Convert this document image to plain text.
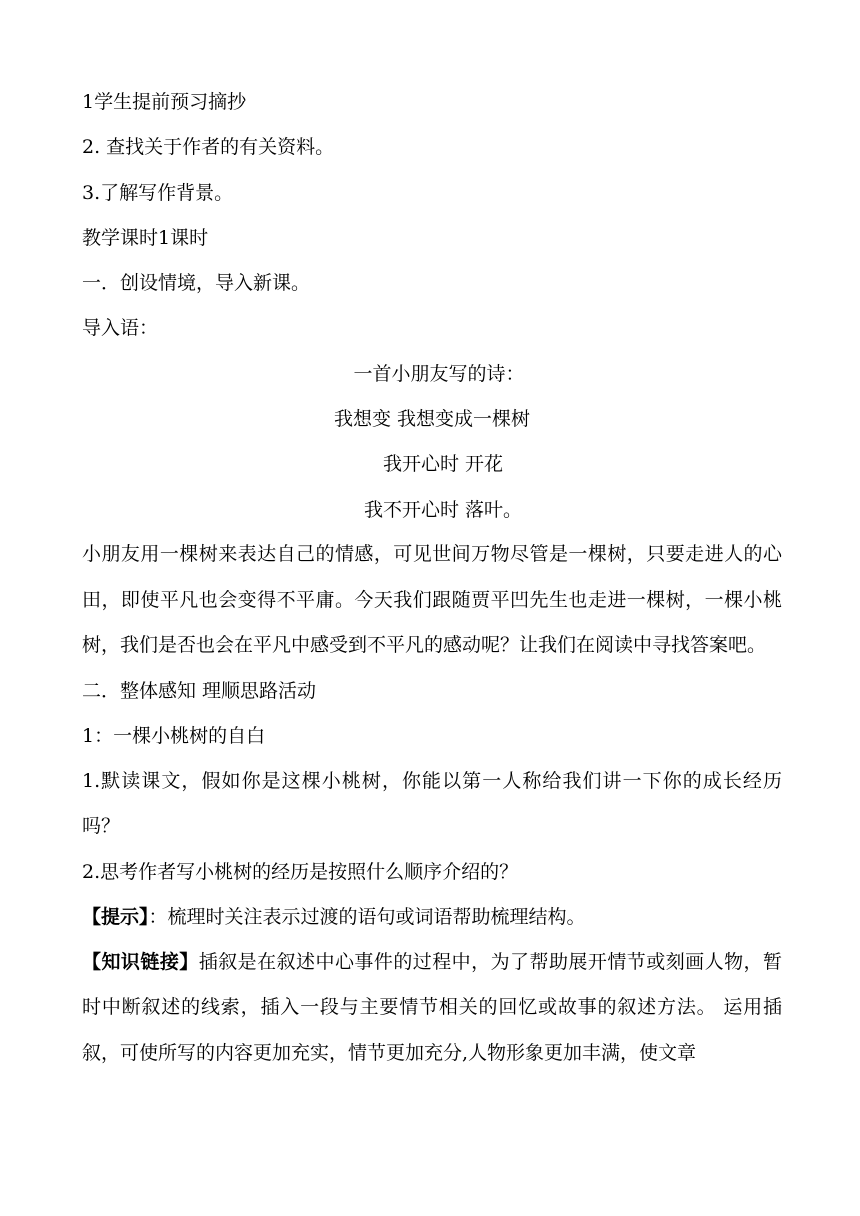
1学生提前预习摘抄
2. 查找关于作者的有关资料。
3.了解写作背景。
教学课时1课时
一．创设情境，导入新课。
导入语：
一首小朋友写的诗：
我想变 我想变成一棵树
我开心时 开花
我不开心时 落叶。
小朋友用一棵树来表达自己的情感，可见世间万物尽管是一棵树，只要走进人的心田，即使平凡也会变得不平庸。今天我们跟随贾平凹先生也走进一棵树，一棵小桃树，我们是否也会在平凡中感受到不平凡的感动呢？让我们在阅读中寻找答案吧。
二．整体感知 理顺思路活动
1：一棵小桃树的自白
1.默读课文，假如你是这棵小桃树，你能以第一人称给我们讲一下你的成长经历吗？
2.思考作者写小桃树的经历是按照什么顺序介绍的？
【提示】：梳理时关注表示过渡的语句或词语帮助梳理结构。
【知识链接】插叙是在叙述中心事件的过程中，为了帮助展开情节或刻画人物，暂时中断叙述的线索，插入一段与主要情节相关的回忆或故事的叙述方法。 运用插叙，可使所写的内容更加充实，情节更加充分,人物形象更加丰满，使文章
